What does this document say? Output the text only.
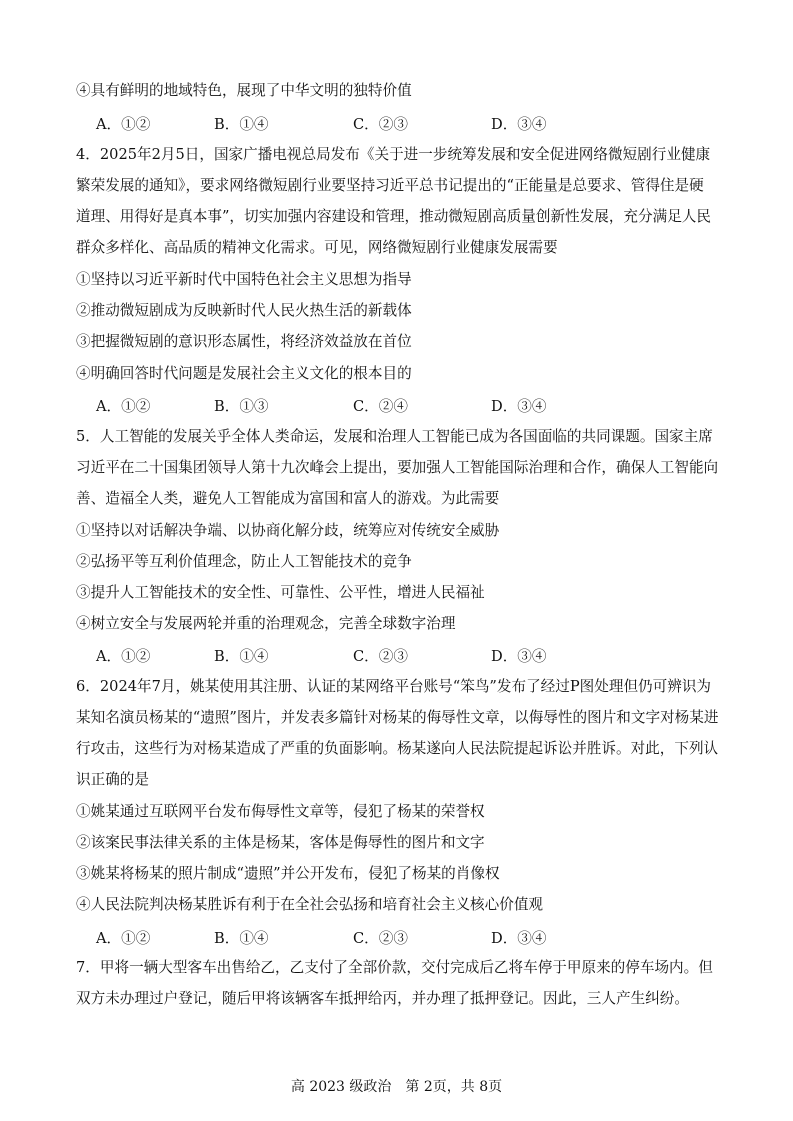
④具有鲜明的地域特色，展现了中华文明的独特价值
A．①②	B．①④	C．②③	D．③④
4．2025年2月5日，国家广播电视总局发布《关于进一步统筹发展和安全促进网络微短剧行业健康
繁荣发展的通知》，要求网络微短剧行业要坚持习近平总书记提出的“正能量是总要求、管得住是硬
道理、用得好是真本事”，切实加强内容建设和管理，推动微短剧高质量创新性发展，充分满足人民
群众多样化、高品质的精神文化需求。可见，网络微短剧行业健康发展需要
①坚持以习近平新时代中国特色社会主义思想为指导
②推动微短剧成为反映新时代人民火热生活的新载体
③把握微短剧的意识形态属性，将经济效益放在首位
④明确回答时代问题是发展社会主义文化的根本目的
A．①②	B．①③	C．②④	D．③④
5．人工智能的发展关乎全体人类命运，发展和治理人工智能已成为各国面临的共同课题。国家主席
习近平在二十国集团领导人第十九次峰会上提出，要加强人工智能国际治理和合作，确保人工智能向
善、造福全人类，避免人工智能成为富国和富人的游戏。为此需要
①坚持以对话解决争端、以协商化解分歧，统筹应对传统安全威胁
②弘扬平等互利价值理念，防止人工智能技术的竞争
③提升人工智能技术的安全性、可靠性、公平性，增进人民福祉
④树立安全与发展两轮并重的治理观念，完善全球数字治理
A．①②	B．①④	C．②③	D．③④
6．2024年7月，姚某使用其注册、认证的某网络平台账号“笨鸟”发布了经过P图处理但仍可辨识为
某知名演员杨某的“遗照”图片，并发表多篇针对杨某的侮辱性文章，以侮辱性的图片和文字对杨某进
行攻击，这些行为对杨某造成了严重的负面影响。杨某遂向人民法院提起诉讼并胜诉。对此，下列认
识正确的是
①姚某通过互联网平台发布侮辱性文章等，侵犯了杨某的荣誉权
②该案民事法律关系的主体是杨某，客体是侮辱性的图片和文字
③姚某将杨某的照片制成“遗照”并公开发布，侵犯了杨某的肖像权
④人民法院判决杨某胜诉有利于在全社会弘扬和培育社会主义核心价值观
A．①②	B．①④	C．②③	D．③④
7．甲将一辆大型客车出售给乙，乙支付了全部价款，交付完成后乙将车停于甲原来的停车场内。但
双方未办理过户登记，随后甲将该辆客车抵押给丙，并办理了抵押登记。因此，三人产生纠纷。
高 2023 级政治　第 2页，共 8页
